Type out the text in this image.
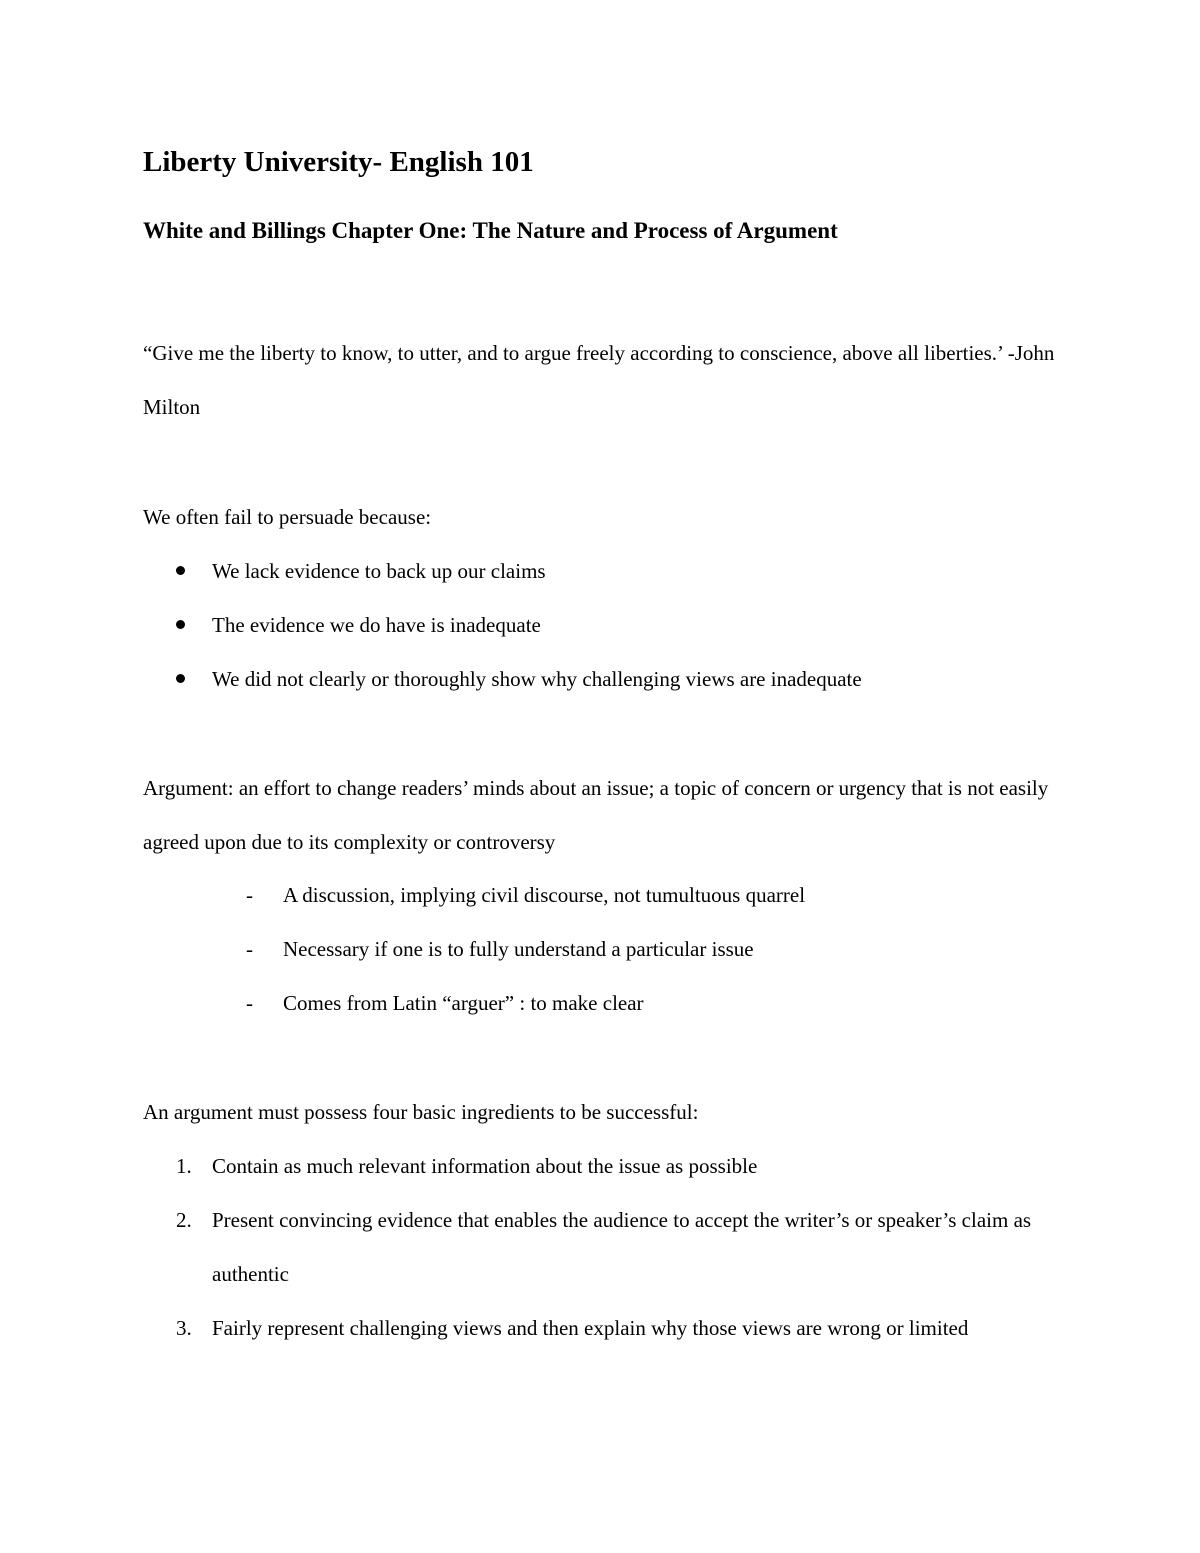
Liberty University- English 101
White and Billings Chapter One: The Nature and Process of Argument
“Give me the liberty to know, to utter, and to argue freely according to conscience, above all liberties.’ -John Milton
We often fail to persuade because:
We lack evidence to back up our claims
The evidence we do have is inadequate
We did not clearly or thoroughly show why challenging views are inadequate
Argument: an effort to change readers’ minds about an issue; a topic of concern or urgency that is not easily agreed upon due to its complexity or controversy
- A discussion, implying civil discourse, not tumultuous quarrel
- Necessary if one is to fully understand a particular issue
- Comes from Latin “arguer” : to make clear
An argument must possess four basic ingredients to be successful:
1. Contain as much relevant information about the issue as possible
2. Present convincing evidence that enables the audience to accept the writer’s or speaker’s claim as authentic
3. Fairly represent challenging views and then explain why those views are wrong or limited
